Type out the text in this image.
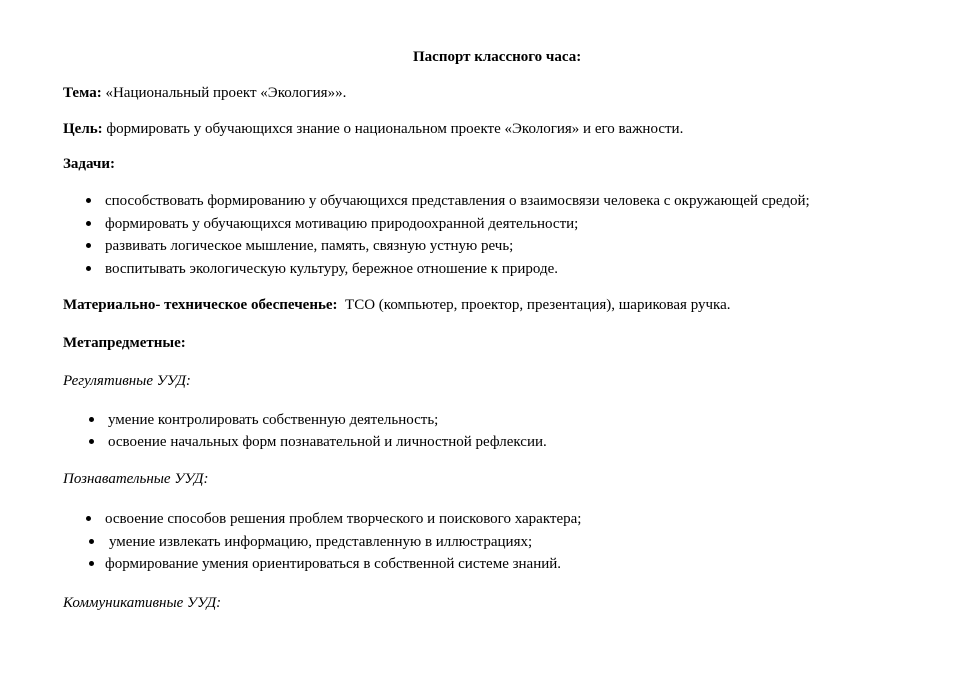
Паспорт классного часа:
Тема: «Национальный проект «Экология»».
Цель: формировать у обучающихся знание о национальном проекте «Экология» и его важности.
Задачи:
способствовать формированию у обучающихся представления о взаимосвязи человека с окружающей средой;
формировать у обучающихся мотивацию природоохранной деятельности;
развивать логическое мышление, память, связную устную речь;
воспитывать экологическую культуру, бережное отношение к природе.
Материально- техническое обеспеченье: ТСО (компьютер, проектор, презентация), шариковая ручка.
Метапредметные:
Регулятивные УУД:
умение контролировать собственную деятельность;
освоение начальных форм познавательной и личностной рефлексии.
Познавательные УУД:
освоение способов решения проблем творческого и поискового характера;
умение извлекать информацию, представленную в иллюстрациях;
формирование умения ориентироваться в собственной системе знаний.
Коммуникативные УУД:
